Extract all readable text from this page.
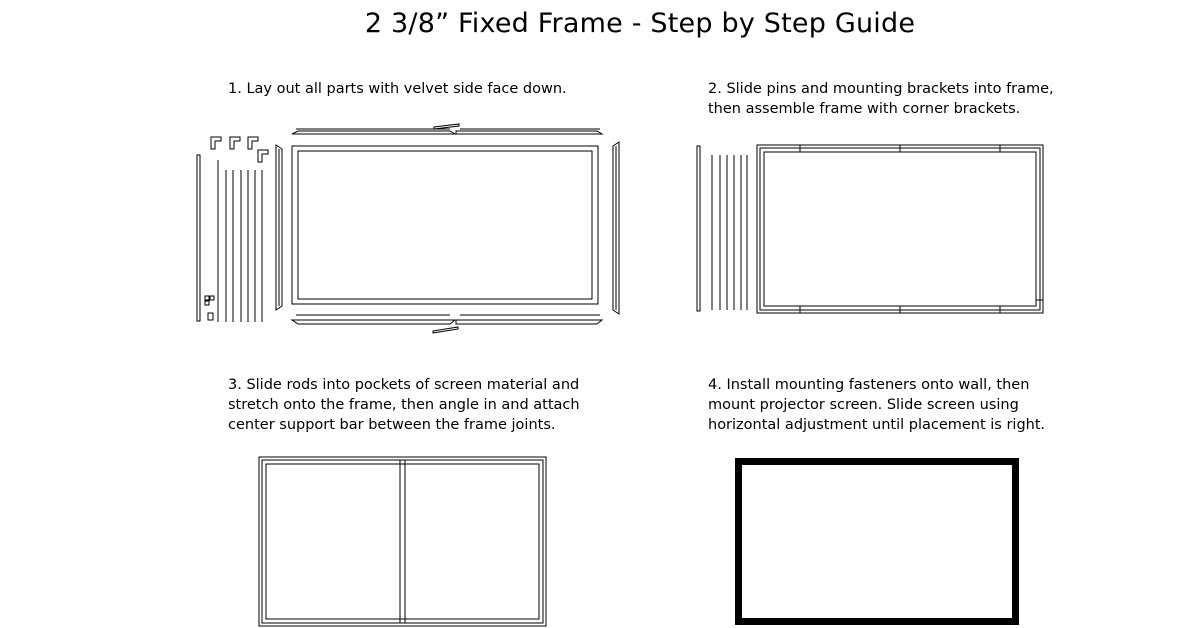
2 3/8” Fixed Frame - Step by Step Guide
1. Lay out all parts with velvet side face down.	2. Slide pins and mounting brackets into frame,
then assemble frame with corner brackets.
3. Slide rods into pockets of screen material and
stretch onto the frame, then angle in and attach
center support bar between the frame joints.
4. Install mounting fasteners onto wall, then
mount projector screen. Slide screen using
horizontal adjustment until placement is right.
